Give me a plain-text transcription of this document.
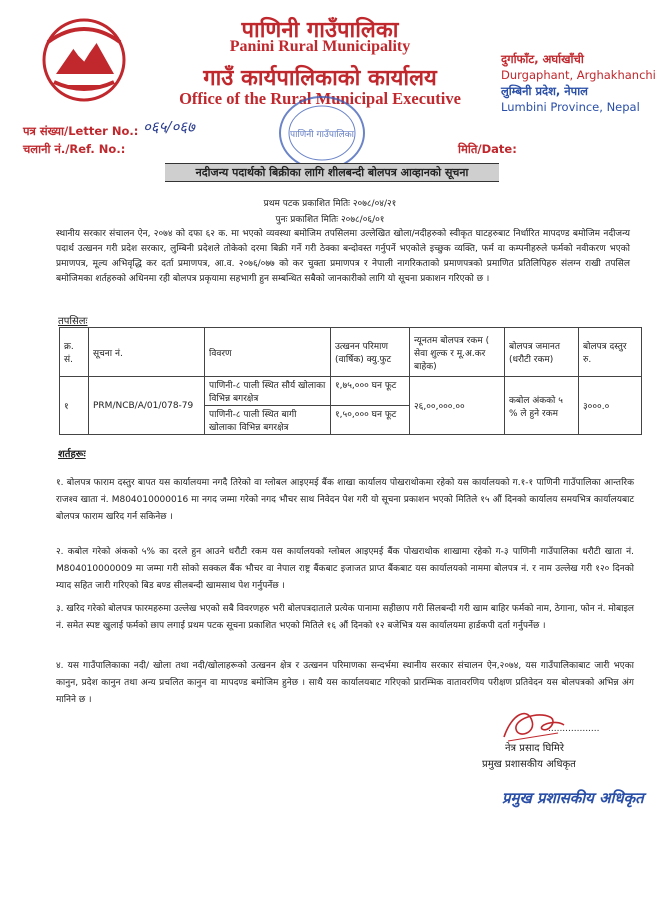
पाणिनी गाउँपालिका
Panini Rural Municipality
गाउँ कार्यपालिकाको कार्यालय
Office of the Rural Municipal Executive
दुर्गाफाँट, अर्घाखाँची
Durgaphant, Arghakhanchi
लुम्बिनी प्रदेश, नेपाल
Lumbini Province, Nepal
पाणिनी गाउँपालिका
पत्र संख्या/Letter No.: ०६५/०६७
चलानी नं./Ref. No.:	मिति/Date:
नदीजन्य पदार्थको बिक्रीका लागि शीलबन्दी बोलपत्र आव्हानको सूचना
प्रथम पटक प्रकाशित मितिः २०७८/०४/२१
पुनः प्रकाशित मितिः २०७८/०६/०१
स्थानीय सरकार संचालन ऐन, २०७४ को दफा ६२ क. मा भएको व्यवस्था बमोजिम तपसिलमा उल्लेखित खोला/नदीहरुको स्वीकृत घाटहरुबाट निर्धारित मापदण्ड बमोजिम नदीजन्य पदार्थ उत्खनन गरी प्रदेश सरकार, लुम्बिनी प्रदेशले तोकेको दरमा बिक्री गर्ने गरी ठेक्का बन्दोवस्त गर्नुपर्ने भएकोले इच्छुक व्यक्ति, फर्म वा कम्पनीहरुले फर्मको नवीकरण भएको प्रमाणपत्र, मूल्य अभिवृद्धि कर दर्ता प्रमाणपत्र, आ.व. २०७६/०७७ को कर चुक्ता प्रमाणपत्र र नेपाली नागरिकताको प्रमाणपत्रको प्रमाणित प्रतिलिपिहरु संलग्न राखी तपसिल बमोजिमका शर्तहरुको अधिनमा रही बोलपत्र प्रकृयामा सहभागी हुन सम्बन्धित सबैको जानकारीको लागि यो सूचना प्रकाशन गरिएको छ ।
तपसिलः
क्र. सं.	सूचना नं.	विवरण	उत्खनन परिमाण (वार्षिक) क्यु.फुट	न्यूनतम बोलपत्र रकम ( सेवा शुल्क र मू.अ.कर बाहेक)	बोलपत्र जमानत (धरौटी रकम)	बोलपत्र दस्तुर रु.
१	PRM/NCB/A/01/078-79	पाणिनी-८ पाली स्थित सौर्य खोलाका विभिन्न बगरक्षेत्र	१,७५,००० घन फूट	२६,००,०००.००	कबोल अंकको ५ % ले हुने रकम	३०००.०
		पाणिनी-८ पाली स्थित बागी खोलाका विभिन्न बगरक्षेत्र	१,५०,००० घन फूट			
शर्तहरूः
१. बोलपत्र फाराम दस्तुर बापत यस कार्यालयमा नगदै तिरेको वा ग्लोबल आइएमई बैंक शाखा कार्यालय पोखराथोकमा रहेको यस कार्यालयको ग.१-१ पाणिनी गाउँपालिका आन्तरिक राजश्व खाता नं. M804010000016 मा नगद जम्मा गरेको नगद भौचर साथ निवेदन पेश गरी यो सूचना प्रकाशन भएको मितिले १५ औं दिनको कार्यालय समयभित्र कार्यालयबाट बोलपत्र फाराम खरिद गर्न सकिनेछ ।
२. कबोल गरेको अंकको ५% का दरले हुन आउने धरौटी रकम यस कार्यालयको ग्लोबल आइएमई बैंक पोखराथोक शाखामा रहेको ग-३ पाणिनी गाउँपालिका धरौटी खाता नं. M804010000009 मा जम्मा गरी सोको सक्कल बैंक भौचर वा नेपाल राष्ट्र बैंकबाट इजाजत प्राप्त बैंकबाट यस कार्यालयको नाममा बोलपत्र नं. र नाम उल्लेख गरी १२० दिनको म्याद सहित जारी गरिएको बिड बण्ड सीलबन्दी खामसाथ पेश गर्नुपर्नेछ ।
३. खरिद गरेको बोलपत्र फारमहरुमा उल्लेख भएको सबै विवरणहरु भरी बोलपत्रदाताले प्रत्येक पानामा सहीछाप गरी सिलबन्दी गरी खाम बाहिर फर्मको नाम, ठेगाना, फोन नं. मोबाइल नं. समेत स्पष्ट खुलाई फर्मको छाप लगाई प्रथम पटक सूचना प्रकाशित भएको मितिले १६ औं दिनको १२ बजेभित्र यस कार्यालयमा हार्डकपी दर्ता गर्नुपर्नेछ ।
४. यस गाउँपालिकाका नदी/ खोला तथा नदी/खोलाहरूको उत्खनन क्षेत्र र उत्खनन परिमाणका सन्दर्भमा स्थानीय सरकार संचालन ऐन,२०७४, यस गाउँपालिकाबाट जारी भएका कानुन, प्रदेश कानुन तथा अन्य प्रचलित कानुन वा मापदण्ड बमोजिम हुनेछ । साथै यस कार्यालयबाट गरिएको प्रारम्भिक वातावरणिय परीक्षण प्रतिवेदन यस बोलपत्रको अभिन्न अंग मानिने छ ।
..................
नेत्र प्रसाद घिमिरे
प्रमुख प्रशासकीय अधिकृत
प्रमुख प्रशासकीय अधिकृत
